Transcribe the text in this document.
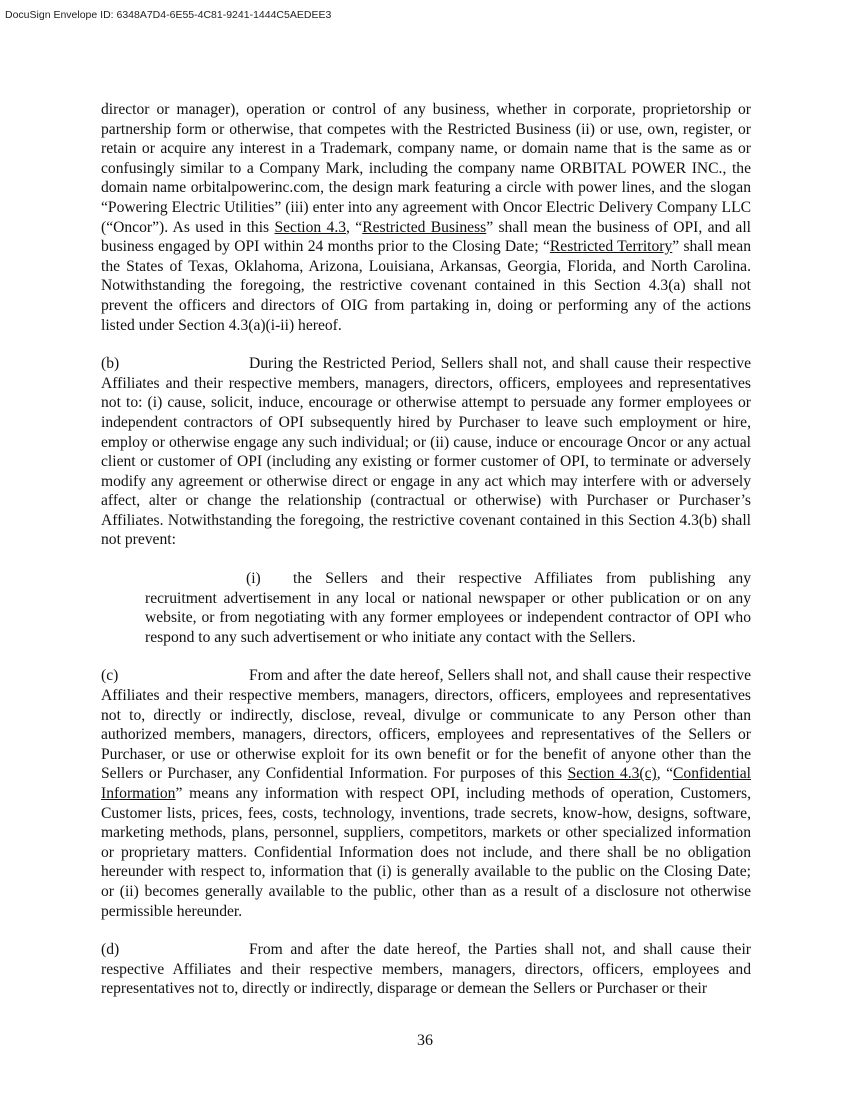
DocuSign Envelope ID: 6348A7D4-6E55-4C81-9241-1444C5AEDEE3

director or manager), operation or control of any business, whether in corporate, proprietorship or partnership form or otherwise, that competes with the Restricted Business (ii) or use, own, register, or retain or acquire any interest in a Trademark, company name, or domain name that is the same as or confusingly similar to a Company Mark, including the company name ORBITAL POWER INC., the domain name orbitalpowerinc.com, the design mark featuring a circle with power lines, and the slogan “Powering Electric Utilities” (iii) enter into any agreement with Oncor Electric Delivery Company LLC (“Oncor”). As used in this Section 4.3, “Restricted Business” shall mean the business of OPI, and all business engaged by OPI within 24 months prior to the Closing Date; “Restricted Territory” shall mean the States of Texas, Oklahoma, Arizona, Louisiana, Arkansas, Georgia, Florida, and North Carolina. Notwithstanding the foregoing, the restrictive covenant contained in this Section 4.3(a) shall not prevent the officers and directors of OIG from partaking in, doing or performing any of the actions listed under Section 4.3(a)(i-ii) hereof.

(b)	During the Restricted Period, Sellers shall not, and shall cause their respective Affiliates and their respective members, managers, directors, officers, employees and representatives not to: (i) cause, solicit, induce, encourage or otherwise attempt to persuade any former employees or independent contractors of OPI subsequently hired by Purchaser to leave such employment or hire, employ or otherwise engage any such individual; or (ii) cause, induce or encourage Oncor or any actual client or customer of OPI (including any existing or former customer of OPI, to terminate or adversely modify any agreement or otherwise direct or engage in any act which may interfere with or adversely affect, alter or change the relationship (contractual or otherwise) with Purchaser or Purchaser’s Affiliates. Notwithstanding the foregoing, the restrictive covenant contained in this Section 4.3(b) shall not prevent:

(i) the Sellers and their respective Affiliates from publishing any recruitment advertisement in any local or national newspaper or other publication or on any website, or from negotiating with any former employees or independent contractor of OPI who respond to any such advertisement or who initiate any contact with the Sellers.

(c)	From and after the date hereof, Sellers shall not, and shall cause their respective Affiliates and their respective members, managers, directors, officers, employees and representatives not to, directly or indirectly, disclose, reveal, divulge or communicate to any Person other than authorized members, managers, directors, officers, employees and representatives of the Sellers or Purchaser, or use or otherwise exploit for its own benefit or for the benefit of anyone other than the Sellers or Purchaser, any Confidential Information. For purposes of this Section 4.3(c), “Confidential Information” means any information with respect OPI, including methods of operation, Customers, Customer lists, prices, fees, costs, technology, inventions, trade secrets, know-how, designs, software, marketing methods, plans, personnel, suppliers, competitors, markets or other specialized information or proprietary matters. Confidential Information does not include, and there shall be no obligation hereunder with respect to, information that (i) is generally available to the public on the Closing Date; or (ii) becomes generally available to the public, other than as a result of a disclosure not otherwise permissible hereunder.

(d)	From and after the date hereof, the Parties shall not, and shall cause their respective Affiliates and their respective members, managers, directors, officers, employees and representatives not to, directly or indirectly, disparage or demean the Sellers or Purchaser or their

36
